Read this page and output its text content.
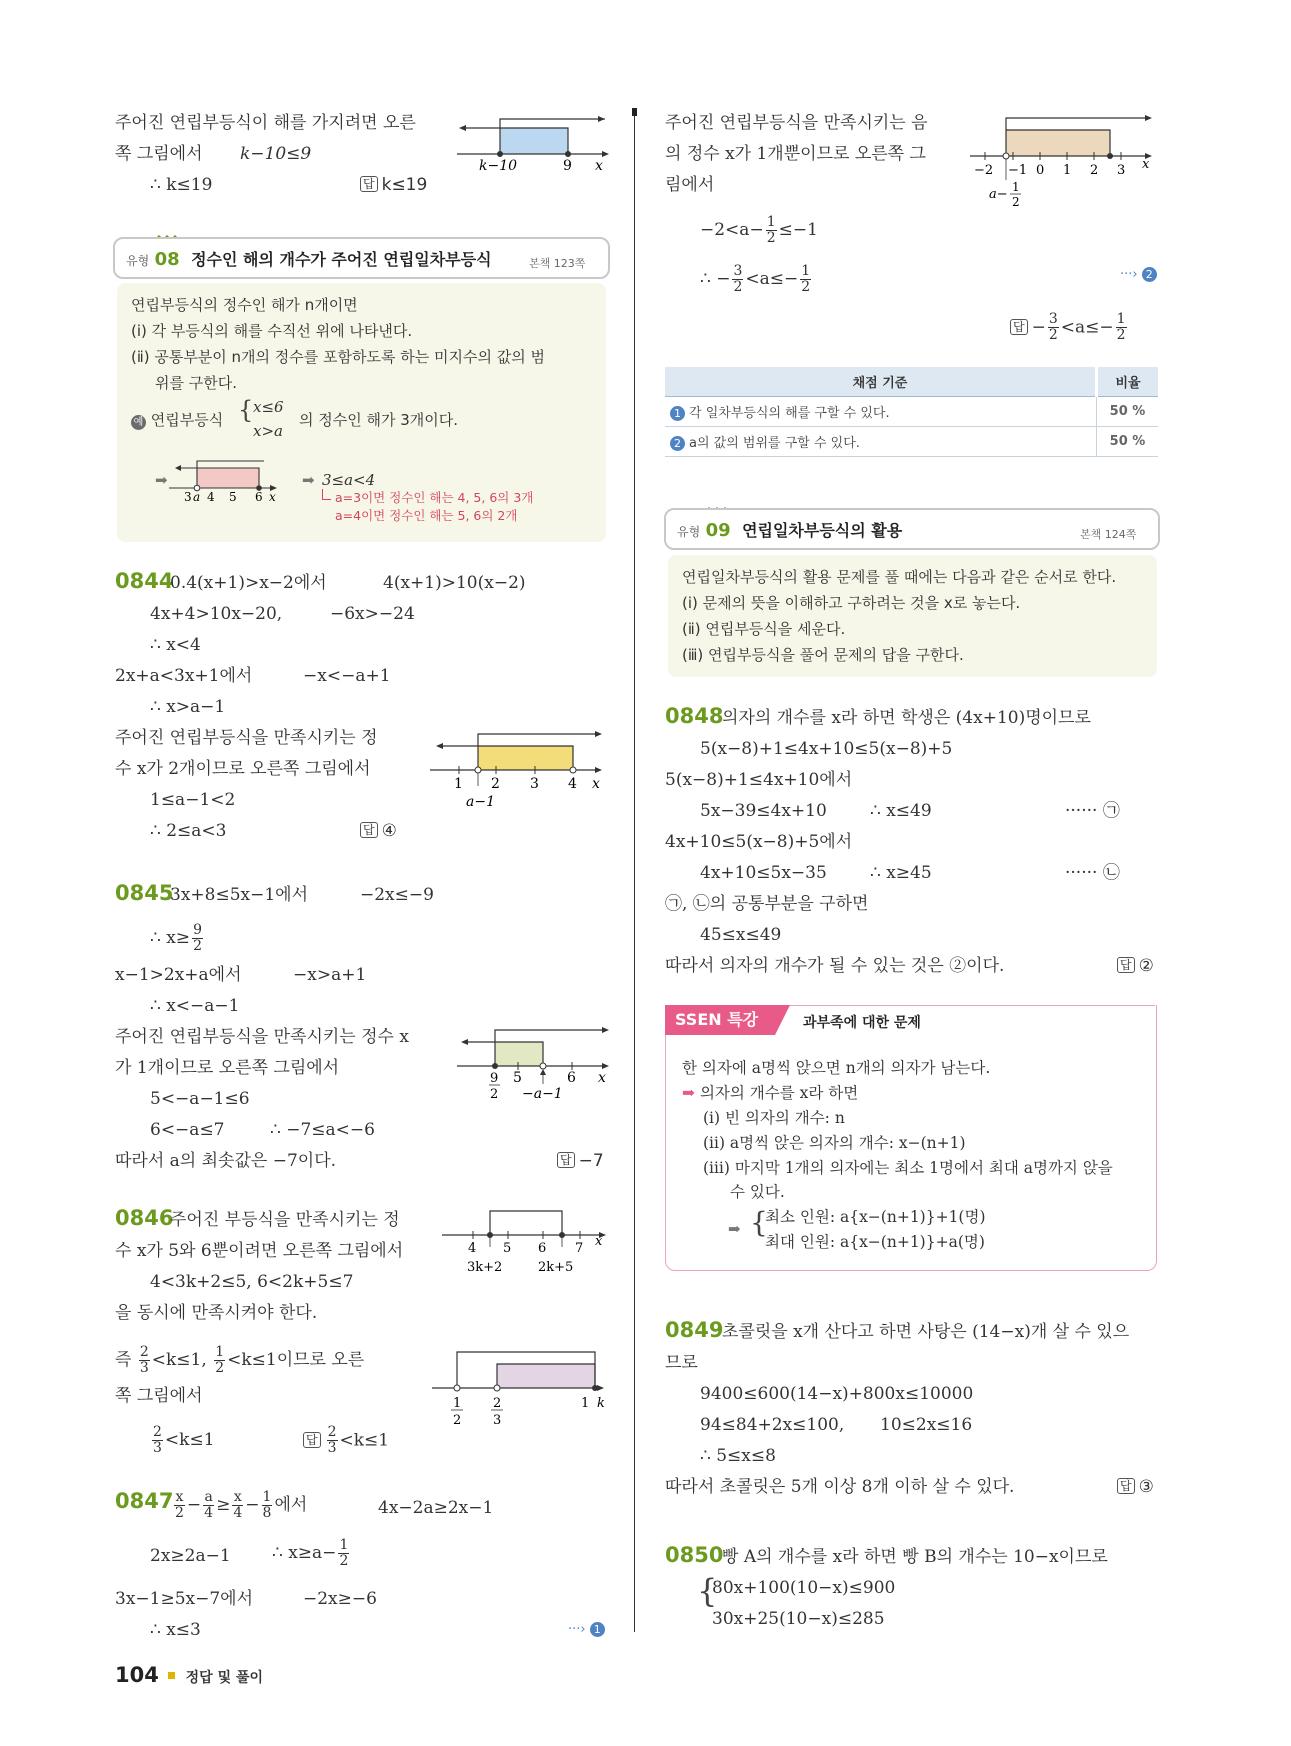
주어진 연립부등식이 해를 가지려면 오른
쪽 그림에서 k−10≤9
∴ k≤19	답 k≤19
k−10	9 x
유형 08 정수인 해의 개수가 주어진 연립일차부등식	본책 123쪽
연립부등식의 정수인 해가 n개이면
(ⅰ) 각 부등식의 해를 수직선 위에 나타낸다.
(ⅱ) 공통부분이 n개의 정수를 포함하도록 하는 미지수의 값의 범
위를 구한다.
예 연립부등식 { x≤6
x>a
의 정수인 해가 3개이다.
➡
3 a 4 5 6 x
➡ 3≤a<4
a=3이면 정수인 해는 4, 5, 6의 3개
a=4이면 정수인 해는 5, 6의 2개
0844
0.4(x+1)>x−2에서	4(x+1)>10(x−2)
4x+4>10x−20,	−6x>−24
∴ x<4
2x+a<3x+1에서	−x<−a+1
∴ x>a−1
주어진 연립부등식을 만족시키는 정
수 x가 2개이므로 오른쪽 그림에서
1≤a−1<2
∴ 2≤a<3	답 ④
1 2 3 4 x
a−1
0845
3x+8≤5x−1에서	−2x≤−9
∴ $x\ge \frac{9}{2}$
x−1>2x+a에서	−x>a+1
∴ x<−a−1
주어진 연립부등식을 만족시키는 정수 x
가 1개이므로 오른쪽 그림에서
5<−a−1≤6
6<−a≤7	∴ −7≤a<−6
따라서 a의 최솟값은 −7이다.	답 −7
9
2
5	6 x
−a−1
0846
주어진 부등식을 만족시키는 정
수 x가 5와 6뿐이려면 오른쪽 그림에서
4<3k+2≤5, 6<2k+5≤7
을 동시에 만족시켜야 한다.
즉 $\frac{2}{3} <k\le 1$, $\frac{1}{2} <k\le 1$이므로 오른
쪽 그림에서
$\frac{2}{3} <k\le 1$	답 $\frac{2}{3} <k\le 1$
4 5 6 7 x
3k+2	2k+5
1
2
2
3
1 k
$0847 \frac{x}{2} - \frac{a}{4} \ge \frac{x}{4} - \frac{1}{8}$ 에서	4x−2a≥2x−1
2x≥2a−1 ∴ $x\ge a- \frac{1}{2}$
3x−1≥5x−7에서	−2x≥−6
∴ x≤3	···› 1
104 정답 및 풀이
주어진 연립부등식을 만족시키는 음
의 정수 x가 1개뿐이므로 오른쪽 그
림에서
$-2<a- \frac{1}{2} \le-1$
∴ − $\frac{3}{2} <a\le- \frac{1}{2}$	···› 2
답 − $\frac{3}{2} <a\le- \frac{1}{2}$
−2 −1 0 1 2 3 x
a− 1
2
채점 기준	비율
1 각 일차부등식의 해를 구할 수 있다.	50 %
2 a의 값의 범위를 구할 수 있다.	50 %
유형 09 연립일차부등식의 활용	본책 124쪽
연립일차부등식의 활용 문제를 풀 때에는 다음과 같은 순서로 한다.
(ⅰ) 문제의 뜻을 이해하고 구하려는 것을 x로 놓는다.
(ⅱ) 연립부등식을 세운다.
(ⅲ) 연립부등식을 풀어 문제의 답을 구한다.
0848
의자의 개수를 x라 하면 학생은 (4x+10)명이므로
5(x−8)+1≤4x+10≤5(x−8)+5
5(x−8)+1≤4x+10에서
5x−39≤4x+10	∴ x≤49	······ ㉠
4x+10≤5(x−8)+5에서
4x+10≤5x−35	∴ x≥45	······ ㉡
㉠, ㉡의 공통부분을 구하면
45≤x≤49
따라서 의자의 개수가 될 수 있는 것은 ②이다.	답 ②
SSEN 특강	과부족에 대한 문제
한 의자에 a명씩 앉으면 n개의 의자가 남는다.
➡ 의자의 개수를 x라 하면
(ⅰ) 빈 의자의 개수: n
(ⅱ) a명씩 앉은 의자의 개수: x−(n+1)
(ⅲ) 마지막 1개의 의자에는 최소 1명에서 최대 a명까지 앉을
수 있다.
➡ {
최소 인원: a{x−(n+1)}+1(명)
최대 인원: a{x−(n+1)}+a(명)
0849
초콜릿을 x개 산다고 하면 사탕은 (14−x)개 살 수 있으
므로
9400≤600(14−x)+800x≤10000
94≤84+2x≤100, 10≤2x≤16
∴ 5≤x≤8
따라서 초콜릿은 5개 이상 8개 이하 살 수 있다.	답 ③
0850
빵 A의 개수를 x라 하면 빵 B의 개수는 10−x이므로
{
80x+100(10−x)≤900
30x+25(10−x)≤285
